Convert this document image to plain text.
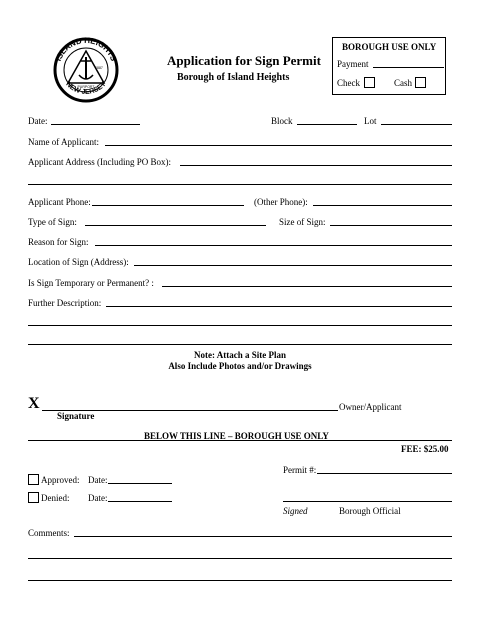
ISLAND HEIGHTS
NEW JERSEY
PURPORT
1887	Application for Sign Permit
Borough of Island Heights
BOROUGH USE ONLY
Payment
Check	Cash
Date:	Block	Lot
Name of Applicant:
Applicant Address (Including PO Box):
Applicant Phone:	(Other Phone):
Type of Sign:	Size of Sign:
Reason for Sign:
Location of Sign (Address):
Is Sign Temporary or Permanent? :
Further Description:
Note: Attach a Site Plan
Also Include Photos and/or Drawings
X	Owner/Applicant
Signature
BELOW THIS LINE – BOROUGH USE ONLY
FEE: $25.00
Permit #:
Approved: Date:
Denied: Date:
Signed	Borough Official
Comments:
